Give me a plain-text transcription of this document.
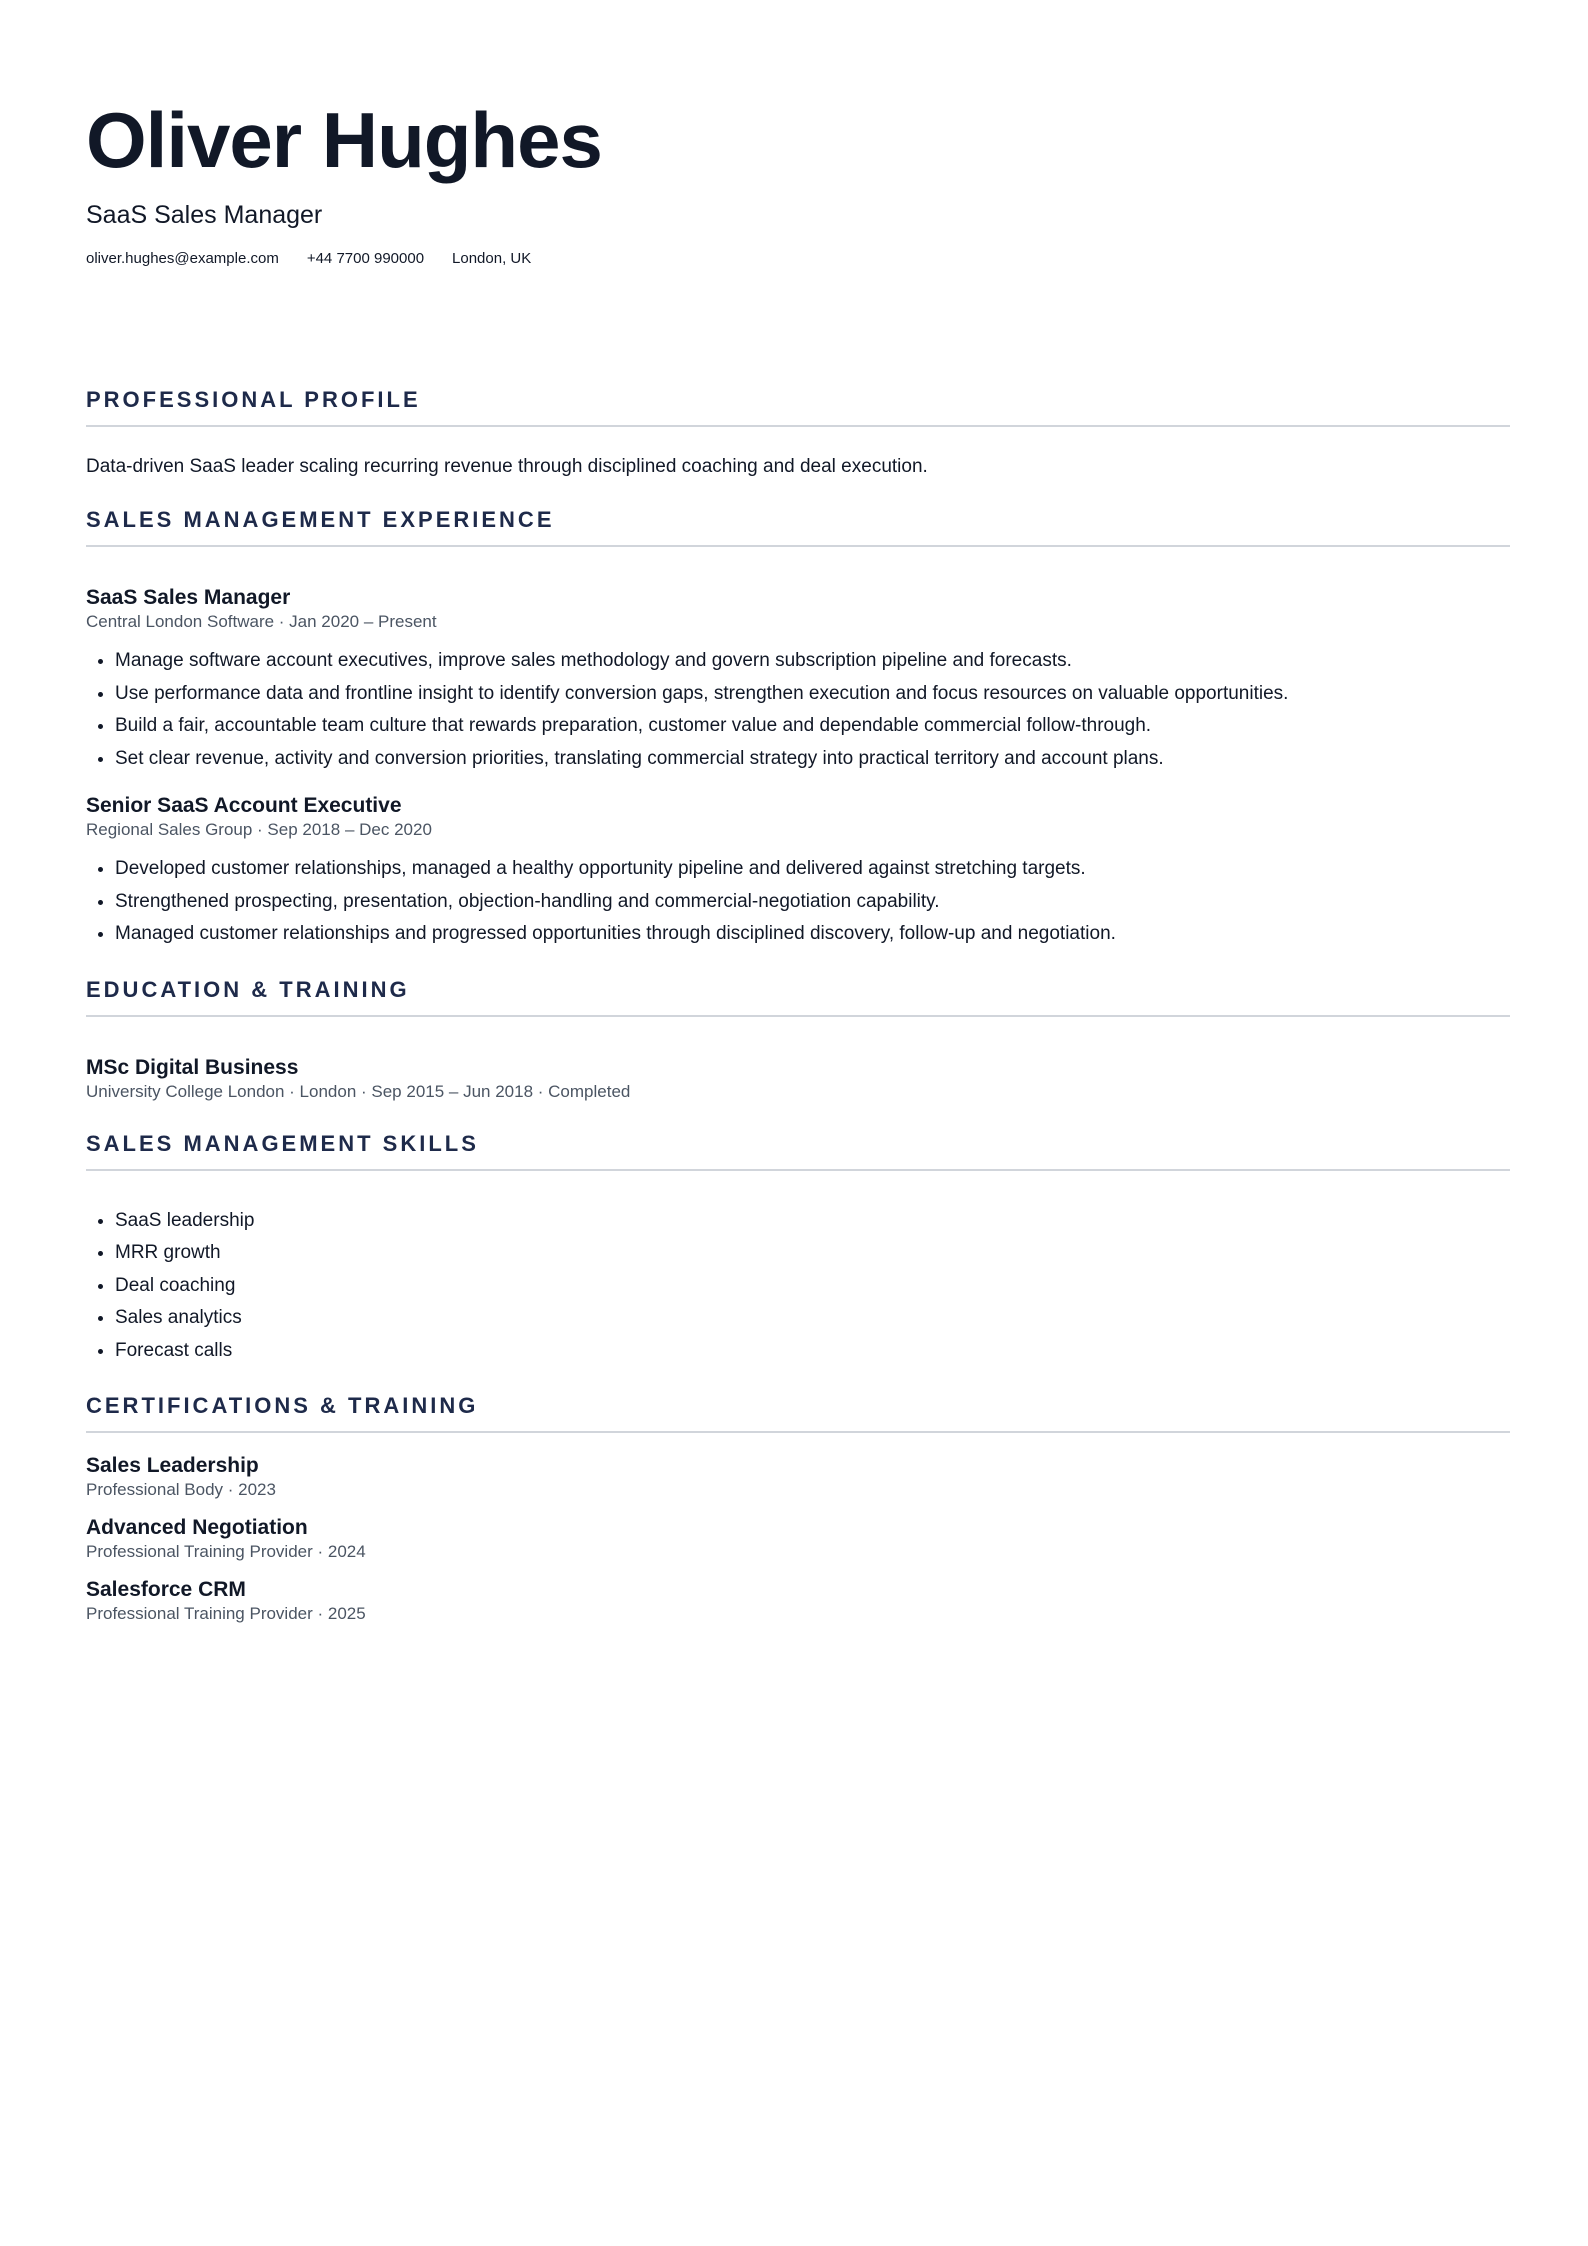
Oliver Hughes
SaaS Sales Manager
oliver.hughes@example.com +44 7700 990000 London, UK
PROFESSIONAL PROFILE
Data-driven SaaS leader scaling recurring revenue through disciplined coaching and deal execution.
SALES MANAGEMENT EXPERIENCE
SaaS Sales Manager
Central London Software · Jan 2020 – Present
• Manage software account executives, improve sales methodology and govern subscription pipeline and forecasts.
• Use performance data and frontline insight to identify conversion gaps, strengthen execution and focus resources on valuable opportunities.
• Build a fair, accountable team culture that rewards preparation, customer value and dependable commercial follow-through.
• Set clear revenue, activity and conversion priorities, translating commercial strategy into practical territory and account plans.
Senior SaaS Account Executive
Regional Sales Group · Sep 2018 – Dec 2020
• Developed customer relationships, managed a healthy opportunity pipeline and delivered against stretching targets.
• Strengthened prospecting, presentation, objection-handling and commercial-negotiation capability.
• Managed customer relationships and progressed opportunities through disciplined discovery, follow-up and negotiation.
EDUCATION & TRAINING
MSc Digital Business
University College London · London · Sep 2015 – Jun 2018 · Completed
SALES MANAGEMENT SKILLS
• SaaS leadership
• MRR growth
• Deal coaching
• Sales analytics
• Forecast calls
CERTIFICATIONS & TRAINING
Sales Leadership
Professional Body · 2023
Advanced Negotiation
Professional Training Provider · 2024
Salesforce CRM
Professional Training Provider · 2025
